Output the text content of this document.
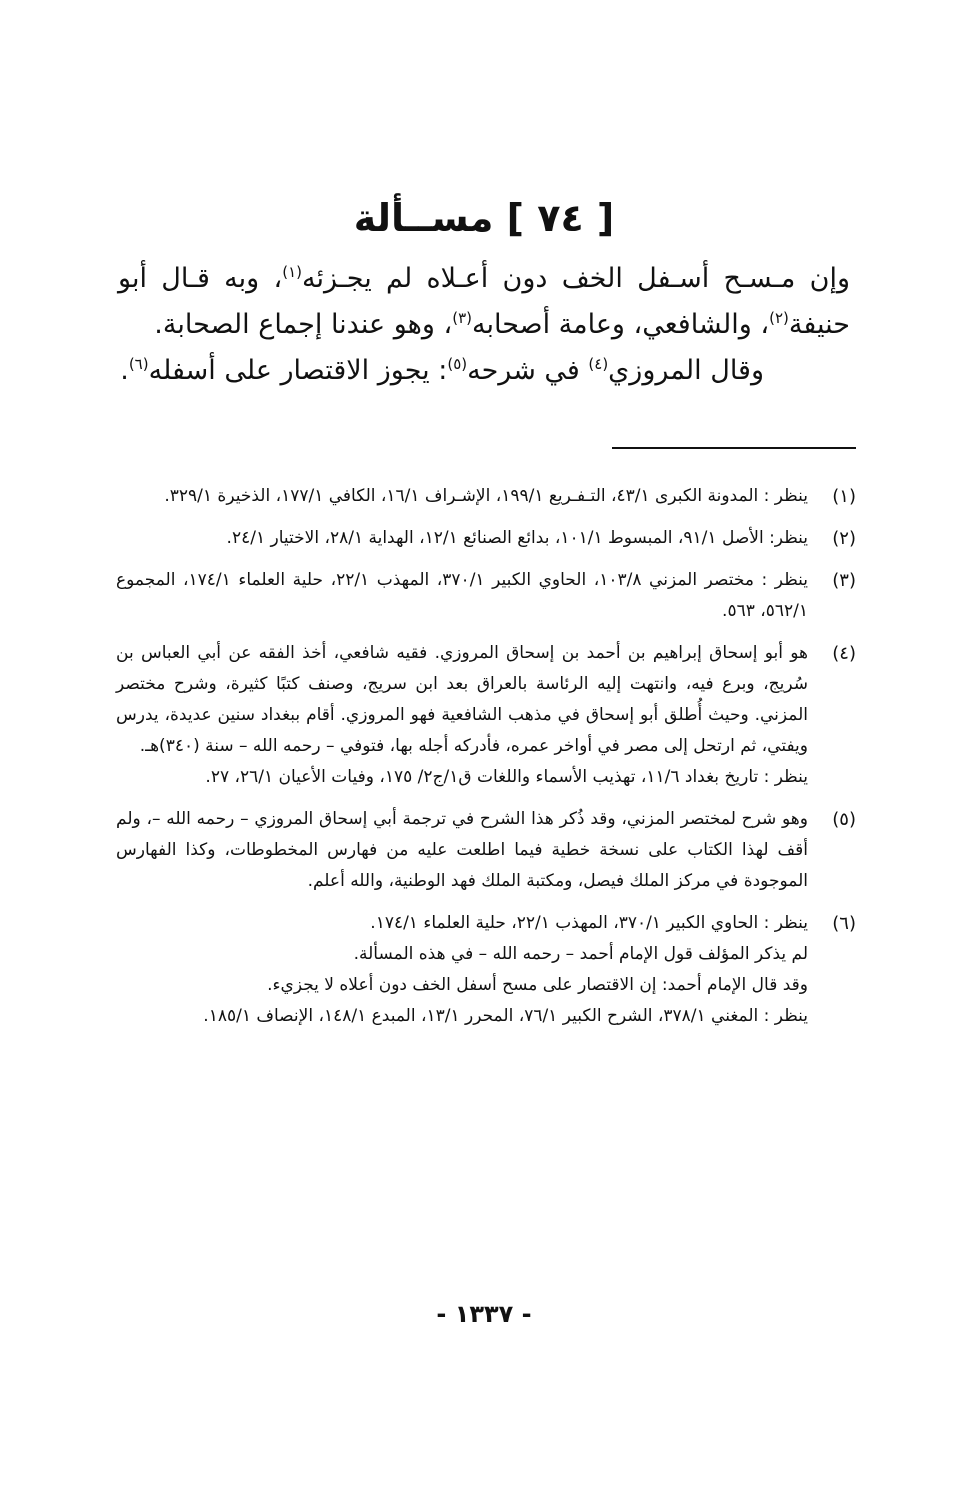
[ ٧٤ ] مســألة

وإن مـسـح أسـفل الخف دون أعـلاه لم يجـزئه$^{(١)}$، وبه قـال أبو حنيفة$^{(٢)}$، والشافعي، وعامة أصحابه$^{(٣)}$، وهو عندنا إجماع الصحابة.

وقال المروزي$^{(٤)}$ في شرحه$^{(٥)}$: يجوز الاقتصار على أسفله$^{(٦)}$.

(١)
ينظر : المدونة الكبرى ٤٣/١، التـفـريع ١٩٩/١، الإشـراف ١٦/١، الكافي ١٧٧/١، الذخيرة ٣٢٩/١.
(٢)
ينظر: الأصل ٩١/١، المبسوط ١٠١/١، بدائع الصنائع ١٢/١، الهداية ٢٨/١، الاختيار ٢٤/١.
(٣)
ينظر : مختصر المزني ١٠٣/٨، الحاوي الكبير ٣٧٠/١، المهذب ٢٢/١، حلية العلماء ١٧٤/١، المجموع ٥٦٢/١، ٥٦٣.
(٤)
هو أبو إسحاق إبراهيم بن أحمد بن إسحاق المروزي. فقيه شافعي، أخذ الفقه عن أبي العباس بن سُريج، وبرع فيه، وانتهت إليه الرئاسة بالعراق بعد ابن سريج، وصنف كتبًا كثيرة، وشرح مختصر المزني. وحيث أُطلق أبو إسحاق في مذهب الشافعية فهو المروزي. أقام ببغداد سنين عديدة، يدرس ويفتي، ثم ارتحل إلى مصر في أواخر عمره، فأدركه أجله بها، فتوفي – رحمه الله – سنة (٣٤٠)هـ.
ينظر : تاريخ بغداد ١١/٦، تهذيب الأسماء واللغات ق١/ج٢/ ١٧٥، وفيات الأعيان ٢٦/١، ٢٧.
(٥)
وهو شرح لمختصر المزني، وقد ذُكر هذا الشرح في ترجمة أبي إسحاق المروزي – رحمه الله –، ولم أقف لهذا الكتاب على نسخة خطية فيما اطلعت عليه من فهارس المخطوطات، وكذا الفهارس الموجودة في مركز الملك فيصل، ومكتبة الملك فهد الوطنية، والله أعلم.
(٦)
ينظر : الحاوي الكبير ٣٧٠/١، المهذب ٢٢/١، حلية العلماء ١٧٤/١.
لم يذكر المؤلف قول الإمام أحمد – رحمه الله – في هذه المسألة.
وقد قال الإمام أحمد: إن الاقتصار على مسح أسفل الخف دون أعلاه لا يجزيء.
ينظر : المغني ٣٧٨/١، الشرح الكبير ٧٦/١، المحرر ١٣/١، المبدع ١٤٨/١، الإنصاف ١٨٥/١.
- ١٣٣٧ -
